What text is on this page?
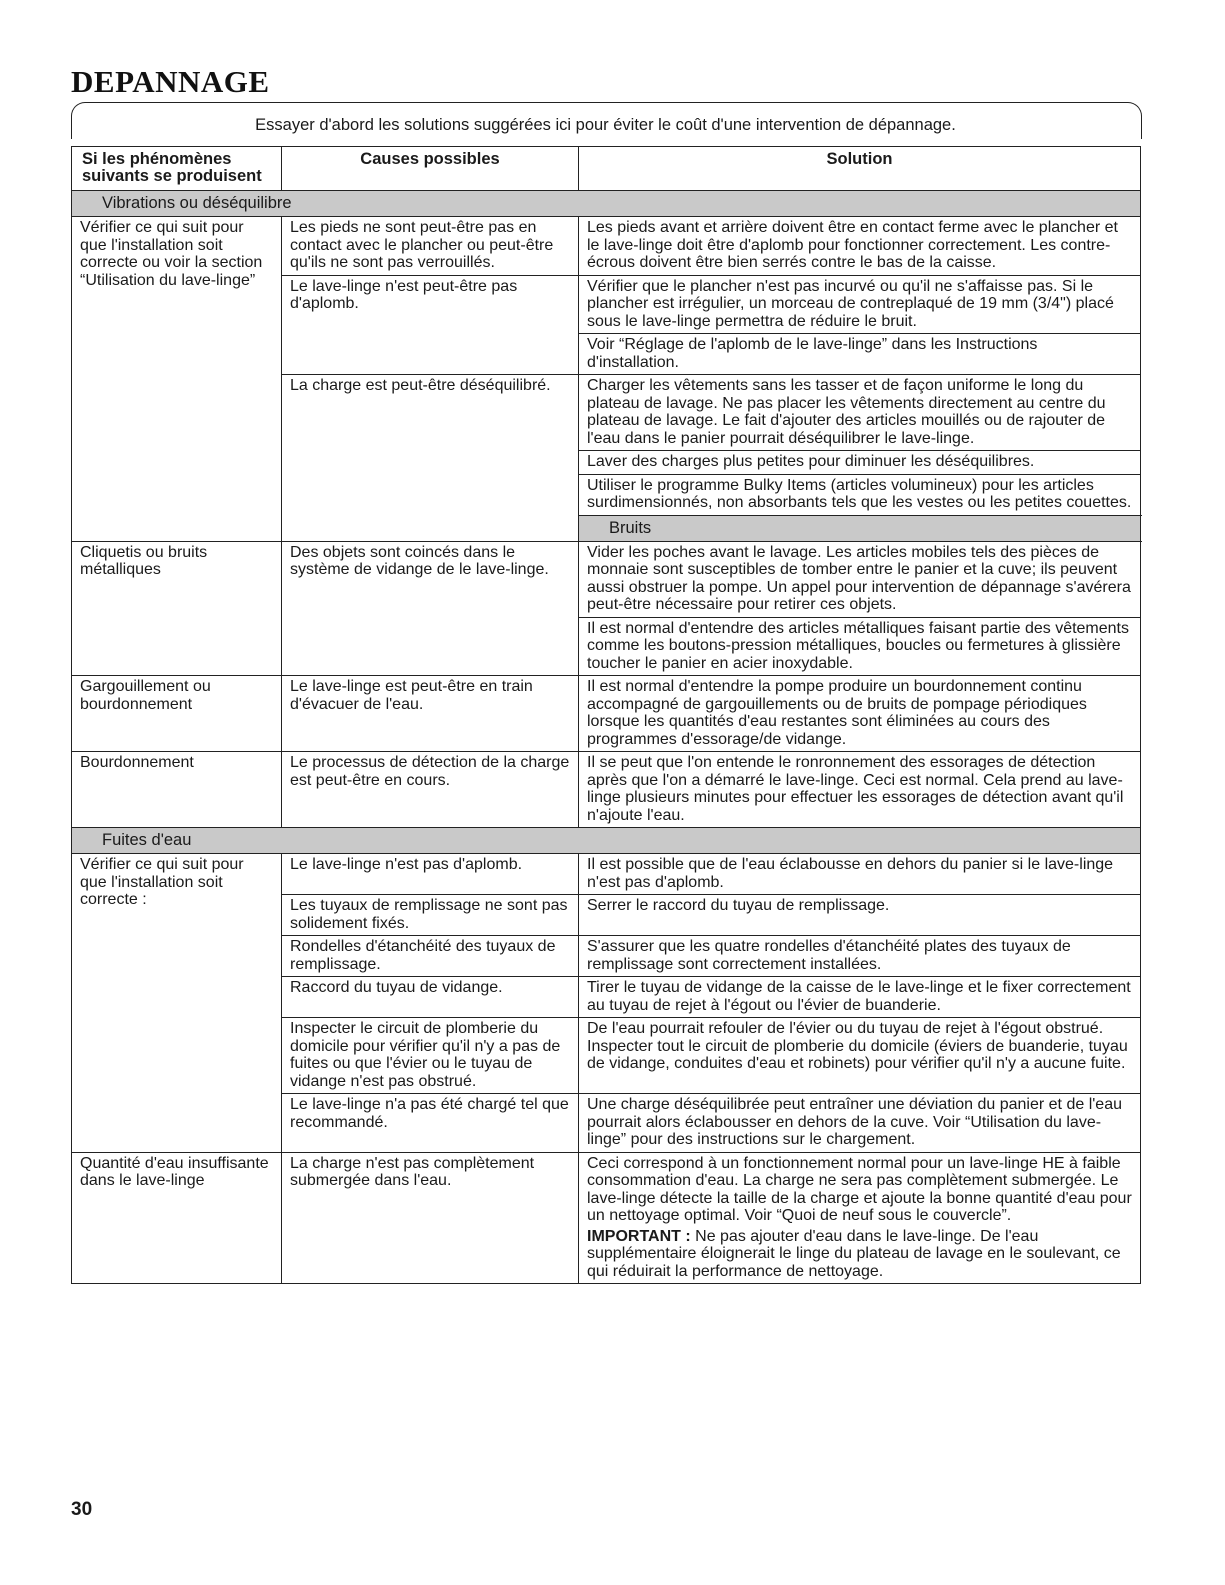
DEPANNAGE
Essayer d'abord les solutions suggérées ici pour éviter le coût d'une intervention de dépannage.
Si les phénomènes suivants se produisent	Causes possibles	Solution
Vibrations ou déséquilibre		
Vérifier ce qui suit pour que l'installation soit correcte ou voir la section “Utilisation du lave-linge”	Les pieds ne sont peut-être pas en contact avec le plancher ou peut-être qu'ils ne sont pas verrouillés.	Les pieds avant et arrière doivent être en contact ferme avec le plancher et le lave-linge doit être d'aplomb pour fonctionner correctement. Les contre-écrous doivent être bien serrés contre le bas de la caisse.
	Le lave-linge n'est peut-être pas d'aplomb.	Vérifier que le plancher n'est pas incurvé ou qu'il ne s'affaisse pas. Si le plancher est irrégulier, un morceau de contreplaqué de 19 mm (3/4") placé sous le lave-linge permettra de réduire le bruit.
		Voir “Réglage de l'aplomb de le lave-linge” dans les Instructions d'installation.
	La charge est peut-être déséquilibré.	Charger les vêtements sans les tasser et de façon uniforme le long du plateau de lavage. Ne pas placer les vêtements directement au centre du plateau de lavage. Le fait d'ajouter des articles mouillés ou de rajouter de l'eau dans le panier pourrait déséquilibrer le lave-linge.
		Laver des charges plus petites pour diminuer les déséquilibres.
		Utiliser le programme Bulky Items (articles volumineux) pour les articles surdimensionnés, non absorbants tels que les vestes ou les petites couettes.
		Bruits
Cliquetis ou bruits métalliques	Des objets sont coincés dans le système de vidange de le lave-linge.	Vider les poches avant le lavage. Les articles mobiles tels des pièces de monnaie sont susceptibles de tomber entre le panier et la cuve; ils peuvent aussi obstruer la pompe. Un appel pour intervention de dépannage s'avérera peut-être nécessaire pour retirer ces objets.
		Il est normal d'entendre des articles métalliques faisant partie des vêtements comme les boutons-pression métalliques, boucles ou fermetures à glissière toucher le panier en acier inoxydable.
Gargouillement ou bourdonnement	Le lave-linge est peut-être en train d'évacuer de l'eau.	Il est normal d'entendre la pompe produire un bourdonnement continu accompagné de gargouillements ou de bruits de pompage périodiques lorsque les quantités d'eau restantes sont éliminées au cours des programmes d'essorage/de vidange.
Bourdonnement	Le processus de détection de la charge est peut-être en cours.	Il se peut que l'on entende le ronronnement des essorages de détection après que l'on a démarré le lave-linge. Ceci est normal. Cela prend au lave-linge plusieurs minutes pour effectuer les essorages de détection avant qu'il n'ajoute l'eau.
Fuites d'eau		
Vérifier ce qui suit pour que l'installation soit correcte :	Le lave-linge n'est pas d'aplomb.	Il est possible que de l'eau éclabousse en dehors du panier si le lave-linge n'est pas d'aplomb.
	Les tuyaux de remplissage ne sont pas solidement fixés.	Serrer le raccord du tuyau de remplissage.
	Rondelles d'étanchéité des tuyaux de remplissage.	S'assurer que les quatre rondelles d'étanchéité plates des tuyaux de remplissage sont correctement installées.
	Raccord du tuyau de vidange.	Tirer le tuyau de vidange de la caisse de le lave-linge et le fixer correctement au tuyau de rejet à l'égout ou l'évier de buanderie.
	Inspecter le circuit de plomberie du domicile pour vérifier qu'il n'y a pas de fuites ou que l'évier ou le tuyau de vidange n'est pas obstrué.	De l'eau pourrait refouler de l'évier ou du tuyau de rejet à l'égout obstrué. Inspecter tout le circuit de plomberie du domicile (éviers de buanderie, tuyau de vidange, conduites d'eau et robinets) pour vérifier qu'il n'y a aucune fuite.
	Le lave-linge n'a pas été chargé tel que recommandé.	Une charge déséquilibrée peut entraîner une déviation du panier et de l'eau pourrait alors éclabousser en dehors de la cuve. Voir “Utilisation du lave-linge” pour des instructions sur le chargement.
Quantité d'eau insuffisante dans le lave-linge	La charge n'est pas complètement submergée dans l'eau.	Ceci correspond à un fonctionnement normal pour un lave-linge HE à faible consommation d'eau. La charge ne sera pas complètement submergée. Le lave-linge détecte la taille de la charge et ajoute la bonne quantité d'eau pour un nettoyage optimal. Voir “Quoi de neuf sous le couvercle”.
IMPORTANT : Ne pas ajouter d'eau dans le lave-linge. De l'eau supplémentaire éloignerait le linge du plateau de lavage en le soulevant, ce qui réduirait la performance de nettoyage.
30
